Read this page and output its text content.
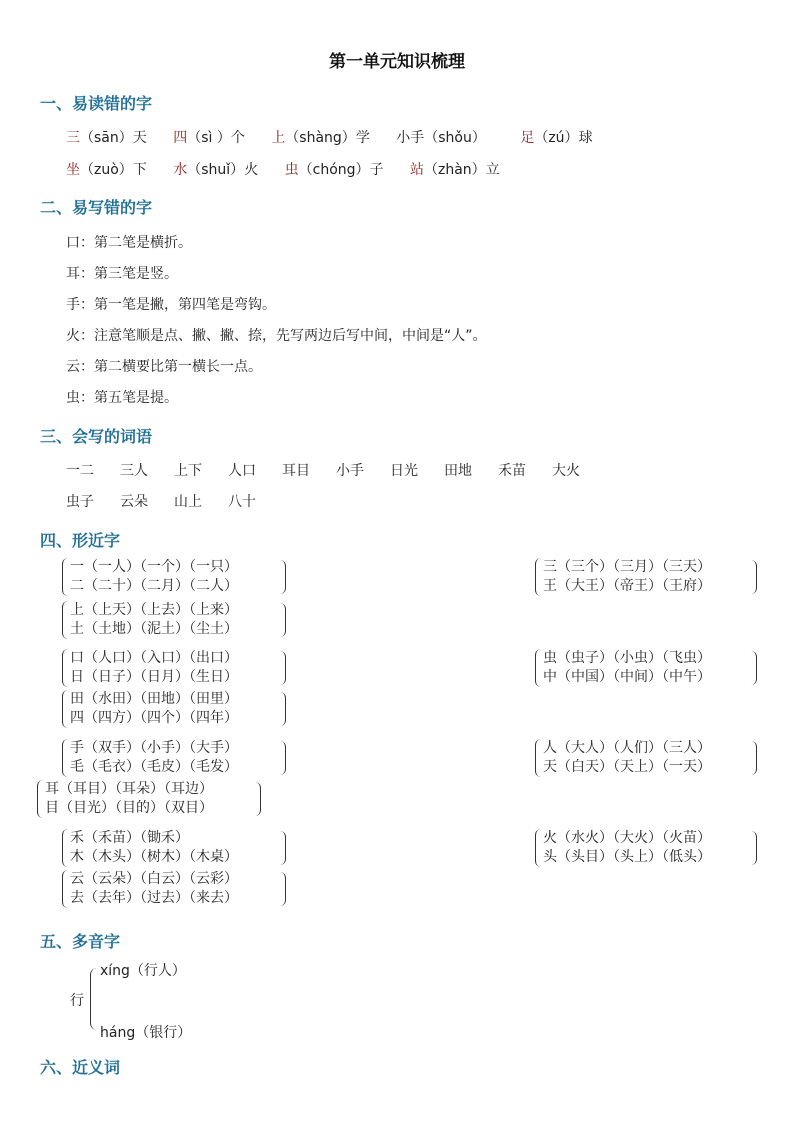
第一单元知识梳理
一、易读错的字
三（sān）天 四（sì ）个 上（shàng）学 小手（shǒu） 足（zú）球
坐（zuò）下 水（shuǐ）火 虫（chóng）子 站（zhàn）立
二、易写错的字
口：第二笔是横折。
耳：第三笔是竖。
手：第一笔是撇，第四笔是弯钩。
火：注意笔顺是点、撇、撇、捺，先写两边后写中间，中间是“人”。
云：第二横要比第一横长一点。
虫：第五笔是提。
三、会写的词语
一二 三人 上下 人口 耳目 小手 日光 田地 禾苗 大火
虫子 云朵 山上 八十
四、形近字
一（一人）（一个）（一只）
二（二十）（二月）（二人）
上（上天）（上去）（上来）
土（土地）（泥土）（尘土）
三（三个）（三月）（三天）
王（大王）（帝王）（王府）
口（人口）（入口）（出口）
日（日子）（日月）（生日）
田（水田）（田地）（田里）
四（四方）（四个）（四年）
虫（虫子）（小虫）（飞虫）
中（中国）（中间）（中午）
手（双手）（小手）（大手）
毛（毛衣）（毛皮）（毛发）
人（大人）（人们）（三人）
天（白天）（天上）（一天）
耳（耳目）（耳朵）（耳边）
目（目光）（目的）（双目）
禾（禾苗）（锄禾）
木（木头）（树木）（木桌）
云（云朵）（白云）（云彩）
去（去年）（过去）（来去）
火（水火）（大火）（火苗）
头（头目）（头上）（低头）
五、多音字
行
xíng（行人）
háng（银行）
六、近义词
